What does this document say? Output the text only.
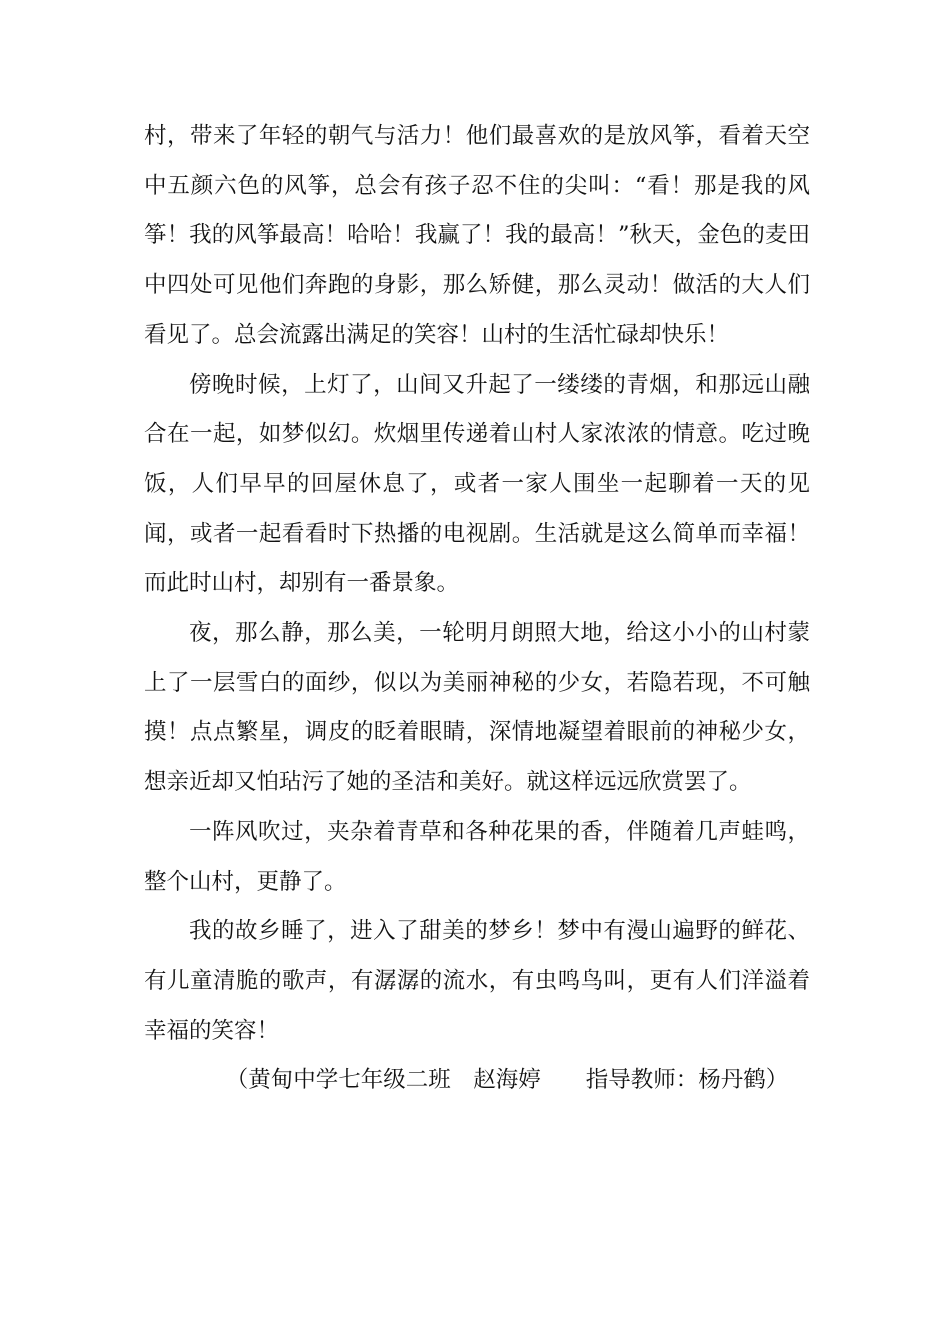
村，带来了年轻的朝气与活力！他们最喜欢的是放风筝，看着天空中五颜六色的风筝，总会有孩子忍不住的尖叫：“看！那是我的风筝！我的风筝最高！哈哈！我赢了！我的最高！”秋天，金色的麦田中四处可见他们奔跑的身影，那么矫健，那么灵动！做活的大人们看见了。总会流露出满足的笑容！山村的生活忙碌却快乐！

傍晚时候，上灯了，山间又升起了一缕缕的青烟，和那远山融合在一起，如梦似幻。炊烟里传递着山村人家浓浓的情意。吃过晚饭，人们早早的回屋休息了，或者一家人围坐一起聊着一天的见闻，或者一起看看时下热播的电视剧。生活就是这么简单而幸福！而此时山村，却别有一番景象。

夜，那么静，那么美，一轮明月朗照大地，给这小小的山村蒙上了一层雪白的面纱，似以为美丽神秘的少女，若隐若现，不可触摸！点点繁星，调皮的眨着眼睛，深情地凝望着眼前的神秘少女，想亲近却又怕玷污了她的圣洁和美好。就这样远远欣赏罢了。

一阵风吹过，夹杂着青草和各种花果的香，伴随着几声蛙鸣，整个山村，更静了。

我的故乡睡了，进入了甜美的梦乡！梦中有漫山遍野的鲜花、有儿童清脆的歌声，有潺潺的流水，有虫鸣鸟叫，更有人们洋溢着幸福的笑容！

（黄甸中学七年级二班　赵海婷　　指导教师：杨丹鹤）
